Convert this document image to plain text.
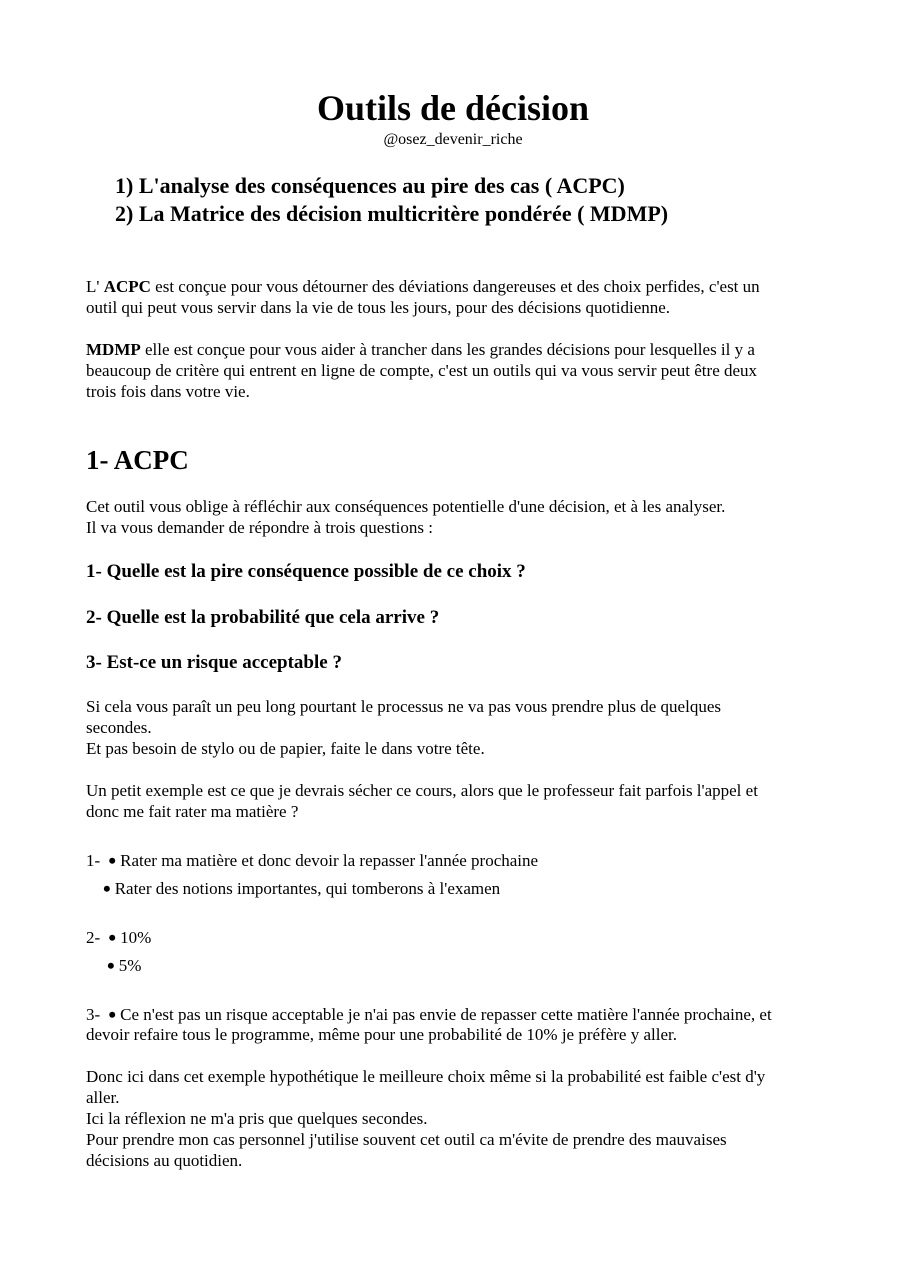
Outils de décision
@osez_devenir_riche
1) L'analyse des conséquences au pire des cas ( ACPC)
2) La Matrice des décision multicritère pondérée ( MDMP)
L' ACPC est conçue pour vous détourner des déviations dangereuses et des choix perfides, c'est un
outil qui peut vous servir dans la vie de tous les jours, pour des décisions quotidienne.
MDMP elle est conçue pour vous aider à trancher dans les grandes décisions pour lesquelles il y a
beaucoup de critère qui entrent en ligne de compte, c'est un outils qui va vous servir peut être deux
trois fois dans votre vie.
1- ACPC
Cet outil vous oblige à réfléchir aux conséquences potentielle d'une décision, et à les analyser.
Il va vous demander de répondre à trois questions :
1- Quelle est la pire conséquence possible de ce choix ?
2- Quelle est la probabilité que cela arrive ?
3- Est-ce un risque acceptable ?
Si cela vous paraît un peu long pourtant le processus ne va pas vous prendre plus de quelques
secondes.
Et pas besoin de stylo ou de papier, faite le dans votre tête.
Un petit exemple est ce que je devrais sécher ce cours, alors que le professeur fait parfois l'appel et
donc me fait rater ma matière ?
1- • Rater ma matière et donc devoir la repasser l'année prochaine
• Rater des notions importantes, qui tomberons à l'examen
2- • 10%
• 5%
3- • Ce n'est pas un risque acceptable je n'ai pas envie de repasser cette matière l'année prochaine, et
devoir refaire tous le programme, même pour une probabilité de 10% je préfère y aller.
Donc ici dans cet exemple hypothétique le meilleure choix même si la probabilité est faible c'est d'y
aller.
Ici la réflexion ne m'a pris que quelques secondes.
Pour prendre mon cas personnel j'utilise souvent cet outil ca m'évite de prendre des mauvaises
décisions au quotidien.
